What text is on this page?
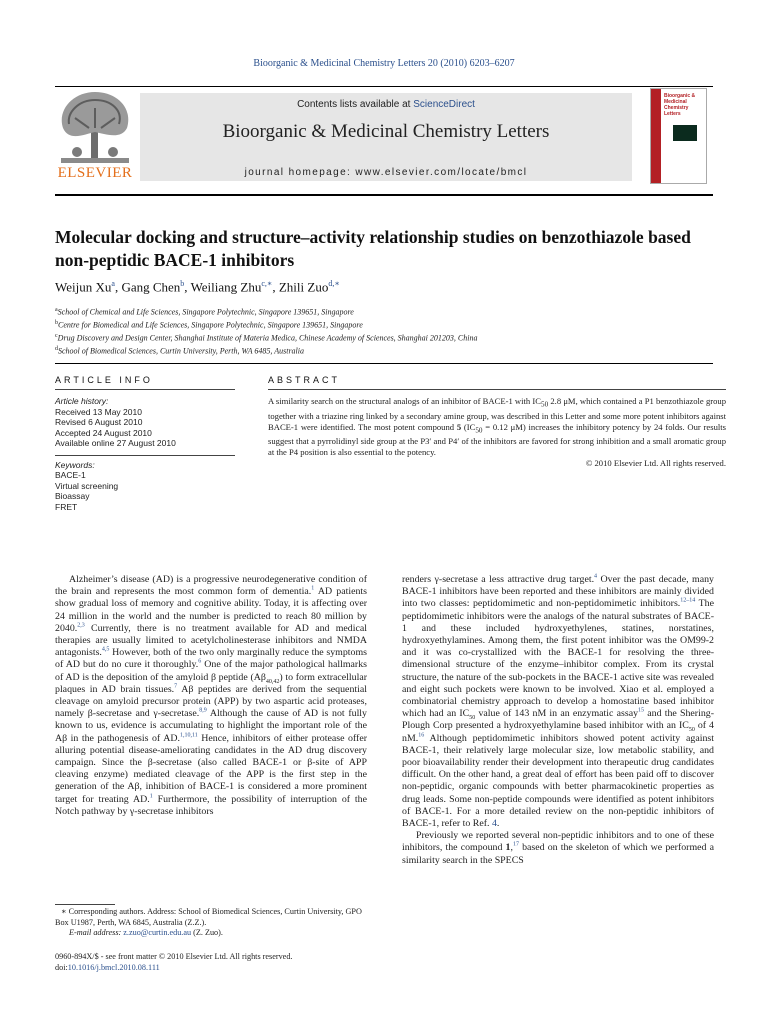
Bioorganic & Medicinal Chemistry Letters 20 (2010) 6203–6207
ELSEVIER
Contents lists available at ScienceDirect
Bioorganic & Medicinal Chemistry Letters
journal homepage: www.elsevier.com/locate/bmcl
Bioorganic & Medicinal Chemistry Letters
Molecular docking and structure–activity relationship studies on benzothiazole based non-peptidic BACE-1 inhibitors
Weijun Xu$^a$, Gang Chen$^b$, Weiliang Zhu$^{c,∗}$, Zhili Zuo$^{d,∗}$
$^a$School of Chemical and Life Sciences, Singapore Polytechnic, Singapore 139651, Singapore
$^b$Centre for Biomedical and Life Sciences, Singapore Polytechnic, Singapore 139651, Singapore
$^c$Drug Discovery and Design Center, Shanghai Institute of Materia Medica, Chinese Academy of Sciences, Shanghai 201203, China
$^d$School of Biomedical Sciences, Curtin University, Perth, WA 6485, Australia
ARTICLE INFO	ABSTRACT
Article history:
Received 13 May 2010
Revised 6 August 2010
Accepted 24 August 2010
Available online 27 August 2010
Keywords:
BACE-1
Virtual screening
Bioassay
FRET
A similarity search on the structural analogs of an inhibitor of BACE-1 with $IC_{50}$ 2.8 μM, which contained a P1 benzothiazole group together with a triazine ring linked by a secondary amine group, was described in this Letter and some more potent inhibitors against BACE-1 were identified. The most potent compound 5 ($IC_{50} = 0.12$ μM) increases the inhibitory potency by 24 folds. Our results suggest that a pyrrolidinyl side group at the P3′ and P4′ of the inhibitors are favored for strong inhibition and a small aromatic group at the P4 position is also essential to the potency.
© 2010 Elsevier Ltd. All rights reserved.

Alzheimer’s disease (AD) is a progressive neurodegenerative condition of the brain and represents the most common form of dementia.$^1$ AD patients show gradual loss of memory and cognitive ability. Today, it is affecting over 24 million in the world and the number is predicted to reach 80 million by 2040.$^{2,3}$ Currently, there is no treatment available for AD and medical therapies are usually limited to acetylcholinesterase inhibitors and NMDA antagonists.$^{4,5}$ However, both of the two only marginally reduce the symptoms of AD but do no cure it thoroughly.$^6$ One of the major pathological hallmarks of AD is the deposition of the amyloid β peptide $(A\beta_{40,42})$ to form extracellular plaques in AD brain tissues.$^7$ Aβ peptides are derived from the sequential cleavage on amyloid precursor protein (APP) by two aspartic acid proteases, namely β-secretase and γ-secretase.$^{8,9}$ Although the cause of AD is not fully known to us, evidence is accumulating to highlight the important role of the Aβ in the pathogenesis of AD.$^{1,10,11}$ Hence, inhibitors of either protease offer alluring potential disease-ameliorating candidates in the AD drug discovery campaign. Since the β-secretase (also called BACE-1 or β-site of APP cleaving enzyme) mediated cleavage of the APP is the first step in the generation of the Aβ, inhibition of BACE-1 is considered a more prominent target for treating AD.$^1$ Furthermore, the possibility of interruption of the Notch pathway by γ-secretase inhibitors

renders γ-secretase a less attractive drug target.$^4$ Over the past decade, many BACE-1 inhibitors have been reported and these inhibitors are mainly divided into two classes: peptidomimetic and non-peptidomimetic inhibitors.$^{12-14}$ The peptidomimetic inhibitors were the analogs of the natural substrates of BACE-1 and these included hydroxyethylenes, statines, norstatines, hydroxyethylamines. Among them, the first potent inhibitor was the OM99-2 and it was co-crystallized with the BACE-1 for resolving the three-dimensional structure of the enzyme–inhibitor complex. From its crystal structure, the nature of the sub-pockets in the BACE-1 active site was revealed and eight such pockets were known to be involved. Xiao et al. employed a combinatorial chemistry approach to develop a homostatine based inhibitor which had an $IC_{50}$ value of 143 nM in an enzymatic assay$^{15}$ and the Shering-Plough Corp presented a hydroxyethylamine based inhibitor with an $IC_{50}$ of 4 nM.$^{16}$ Although peptidomimetic inhibitors showed potent activity against BACE-1, their relatively large molecular size, low metabolic stability, and poor bioavailability render their development into therapeutic drug candidates difficult. On the other hand, a great deal of effort has been paid off to discover non-peptidic, organic compounds with better pharmacokinetic properties as drug leads. Some non-peptide compounds were identified as potent inhibitors of BACE-1. For a more detailed review on the non-peptidic inhibitors of BACE-1, refer to Ref. 4.

Previously we reported several non-peptidic inhibitors and to one of these inhibitors, the compound 1,17 based on the skeleton of which we performed a similarity search in the SPECS

∗ Corresponding authors. Address: School of Biomedical Sciences, Curtin University, GPO Box U1987, Perth, WA 6845, Australia (Z.Z.).
E-mail address: z.zuo@curtin.edu.au (Z. Zuo).
0960-894X/$ - see front matter © 2010 Elsevier Ltd. All rights reserved.
doi:10.1016/j.bmcl.2010.08.111
